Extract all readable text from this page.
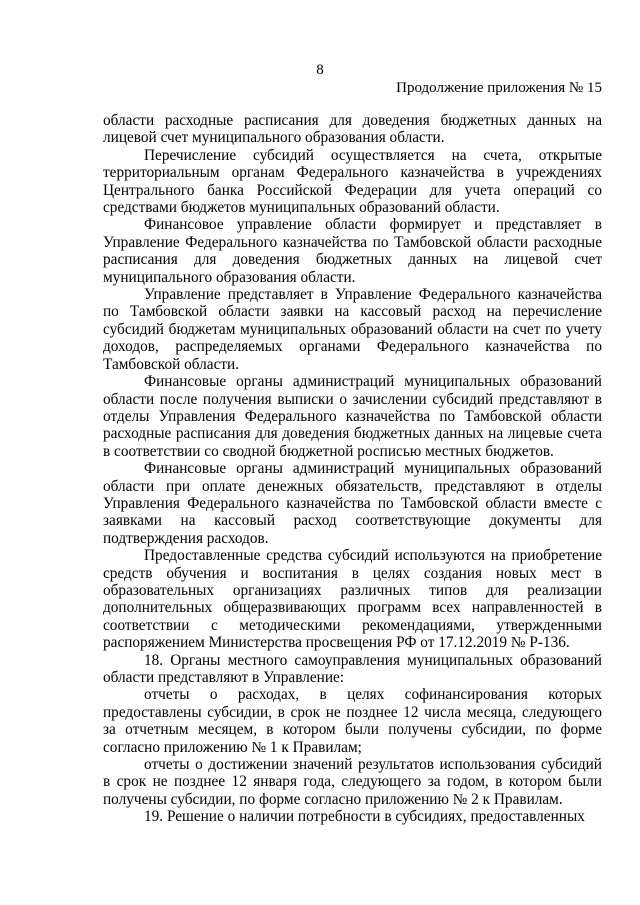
8
Продолжение приложения № 15

области расходные расписания для доведения бюджетных данных на лицевой счет муниципального образования области.

Перечисление субсидий осуществляется на счета, открытые территориальным органам Федерального казначейства в учреждениях Центрального банка Российской Федерации для учета операций со средствами бюджетов муниципальных образований области.

Финансовое управление области формирует и представляет в Управление Федерального казначейства по Тамбовской области расходные расписания для доведения бюджетных данных на лицевой счет муниципального образования области.

Управление представляет в Управление Федерального казначейства по Тамбовской области заявки на кассовый расход на перечисление субсидий бюджетам муниципальных образований области на счет по учету доходов, распределяемых органами Федерального казначейства по Тамбовской области.

Финансовые органы администраций муниципальных образований области после получения выписки о зачислении субсидий представляют в отделы Управления Федерального казначейства по Тамбовской области расходные расписания для доведения бюджетных данных на лицевые счета в соответствии со сводной бюджетной росписью местных бюджетов.

Финансовые органы администраций муниципальных образований области при оплате денежных обязательств, представляют в отделы Управления Федерального казначейства по Тамбовской области вместе с заявками на кассовый расход соответствующие документы для подтверждения расходов.

Предоставленные средства субсидий используются на приобретение средств обучения и воспитания в целях создания новых мест в образовательных организациях различных типов для реализации дополнительных общеразвивающих программ всех направленностей в соответствии с методическими рекомендациями, утвержденными распоряжением Министерства просвещения РФ от 17.12.2019 № Р-136.

18. Органы местного самоуправления муниципальных образований области представляют в Управление:

отчеты о расходах, в целях софинансирования которых предоставлены субсидии, в срок не позднее 12 числа месяца, следующего за отчетным месяцем, в котором были получены субсидии, по форме согласно приложению № 1 к Правилам;

отчеты о достижении значений результатов использования субсидий в срок не позднее 12 января года, следующего за годом, в котором были получены субсидии, по форме согласно приложению № 2 к Правилам.

19. Решение о наличии потребности в субсидиях, предоставленных
